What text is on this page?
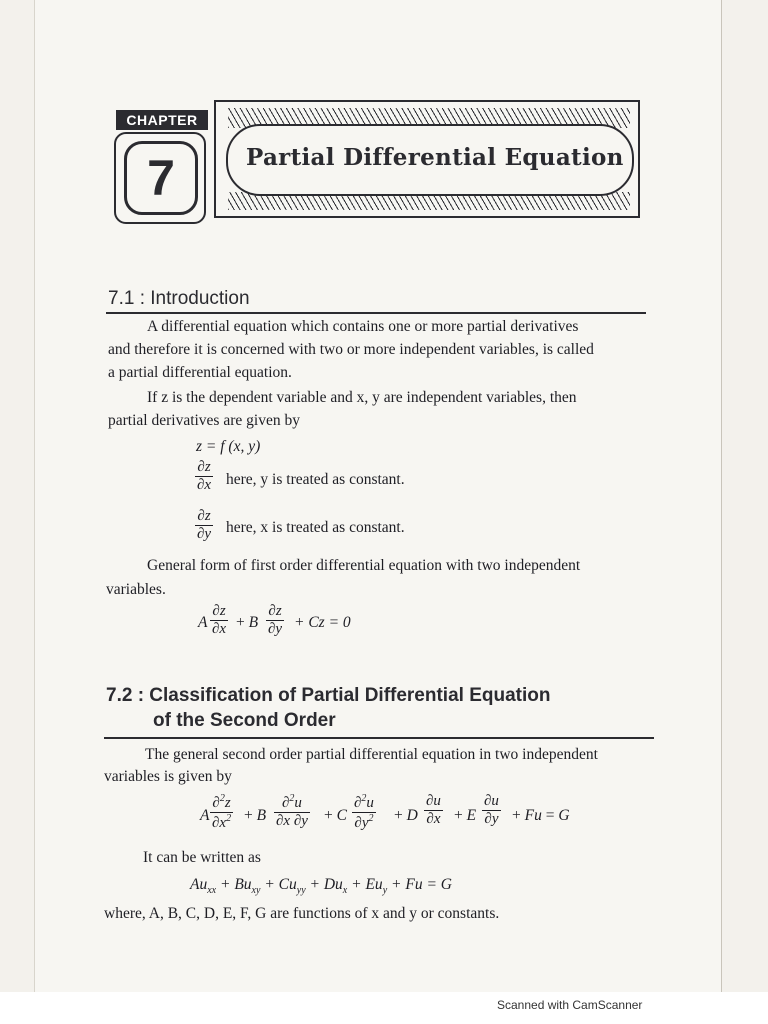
Scanned with CamScanner
CHAPTER
7	Partial Differential Equation
7.1 : Introduction
A differential equation which contains one or more partial derivatives
and therefore it is concerned with two or more independent variables, is called
a partial differential equation.
If z is the dependent variable and x, y are independent variables, then
partial derivatives are given by
z = f (x, y)
$\frac{\partial z}{\partial x}$ here, y is treated as constant.
$\frac{\partial z}{\partial y}$ here, x is treated as constant.
General form of first order differential equation with two independent
variables.
A $\frac{\partial z}{\partial x} + B \frac{\partial z}{\partial y} + Cz = 0$
7.2 : Classification of Partial Differential Equation
of the Second Order
The general second order partial differential equation in two independent
variables is given by
A $\frac{\partial^2z}{\partial x^2} + B \frac{\partial^2u}{\partial x \partial y} + C \frac{\partial^2u}{\partial y^2} + D \frac{\partial u}{\partial x} + E \frac{\partial u}{\partial y} + Fu = G$
It can be written as
$Au_{xx} + Bu_{xy} + Cu_{yy} + Du_x + Eu_y + Fu = G$
where, A, B, C, D, E, F, G are functions of x and y or constants.
